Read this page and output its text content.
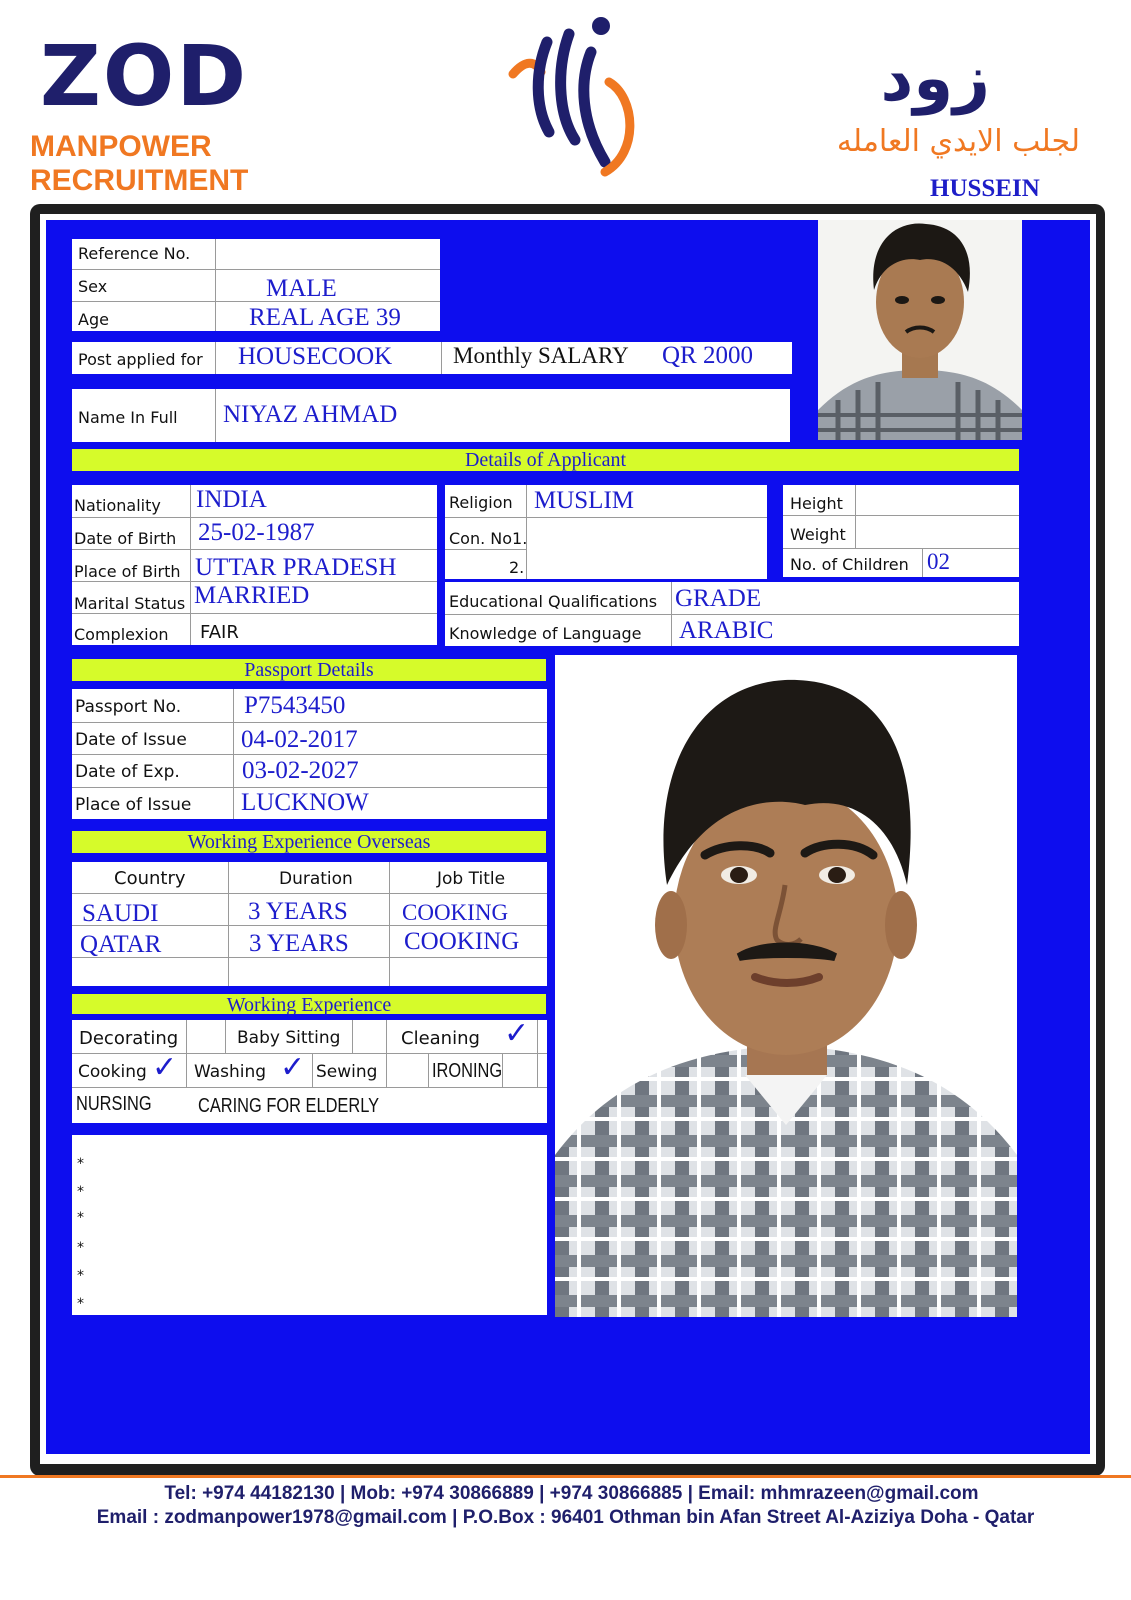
ZOD
MANPOWER RECRUITMENT
زود
لجلب الايدي العامله
HUSSEIN
Reference No.
Sex	MALE
Age	REAL AGE 39
Post applied for HOUSECOOK	Monthly SALARY QR 2000
Name In Full NIYAZ AHMAD
Details of Applicant
Nationality INDIA
Date of Birth 25-02-1987
Place of Birth UTTAR PRADESH
Marital Status MARRIED
Complexion FAIR
Religion MUSLIM
Con. No1.
2.
Height
Weight
No. of Children 02
Educational Qualifications GRADE
Knowledge of Language ARABIC
Passport Details
Passport No.	P7543450
Date of Issue 04-02-2017
Date of Exp. 03-02-2027
Place of Issue LUCKNOW
Working Experience Overseas
Country	Duration	Job Title
SAUDI	3 YEARS COOKING
QATAR	3 YEARS COOKING
Working Experience
Decorating	Baby Sitting	Cleaning ✓
Cooking ✓ Washing ✓ Sewing	IRONING
NURSING CARING FOR ELDERLY
*
*
*
*
*
*
Tel: +974 44182130 | Mob: +974 30866889 | +974 30866885 | Email: mhmrazeen@gmail.com
Email : zodmanpower1978@gmail.com | P.O.Box : 96401 Othman bin Afan Street Al-Aziziya Doha - Qatar
